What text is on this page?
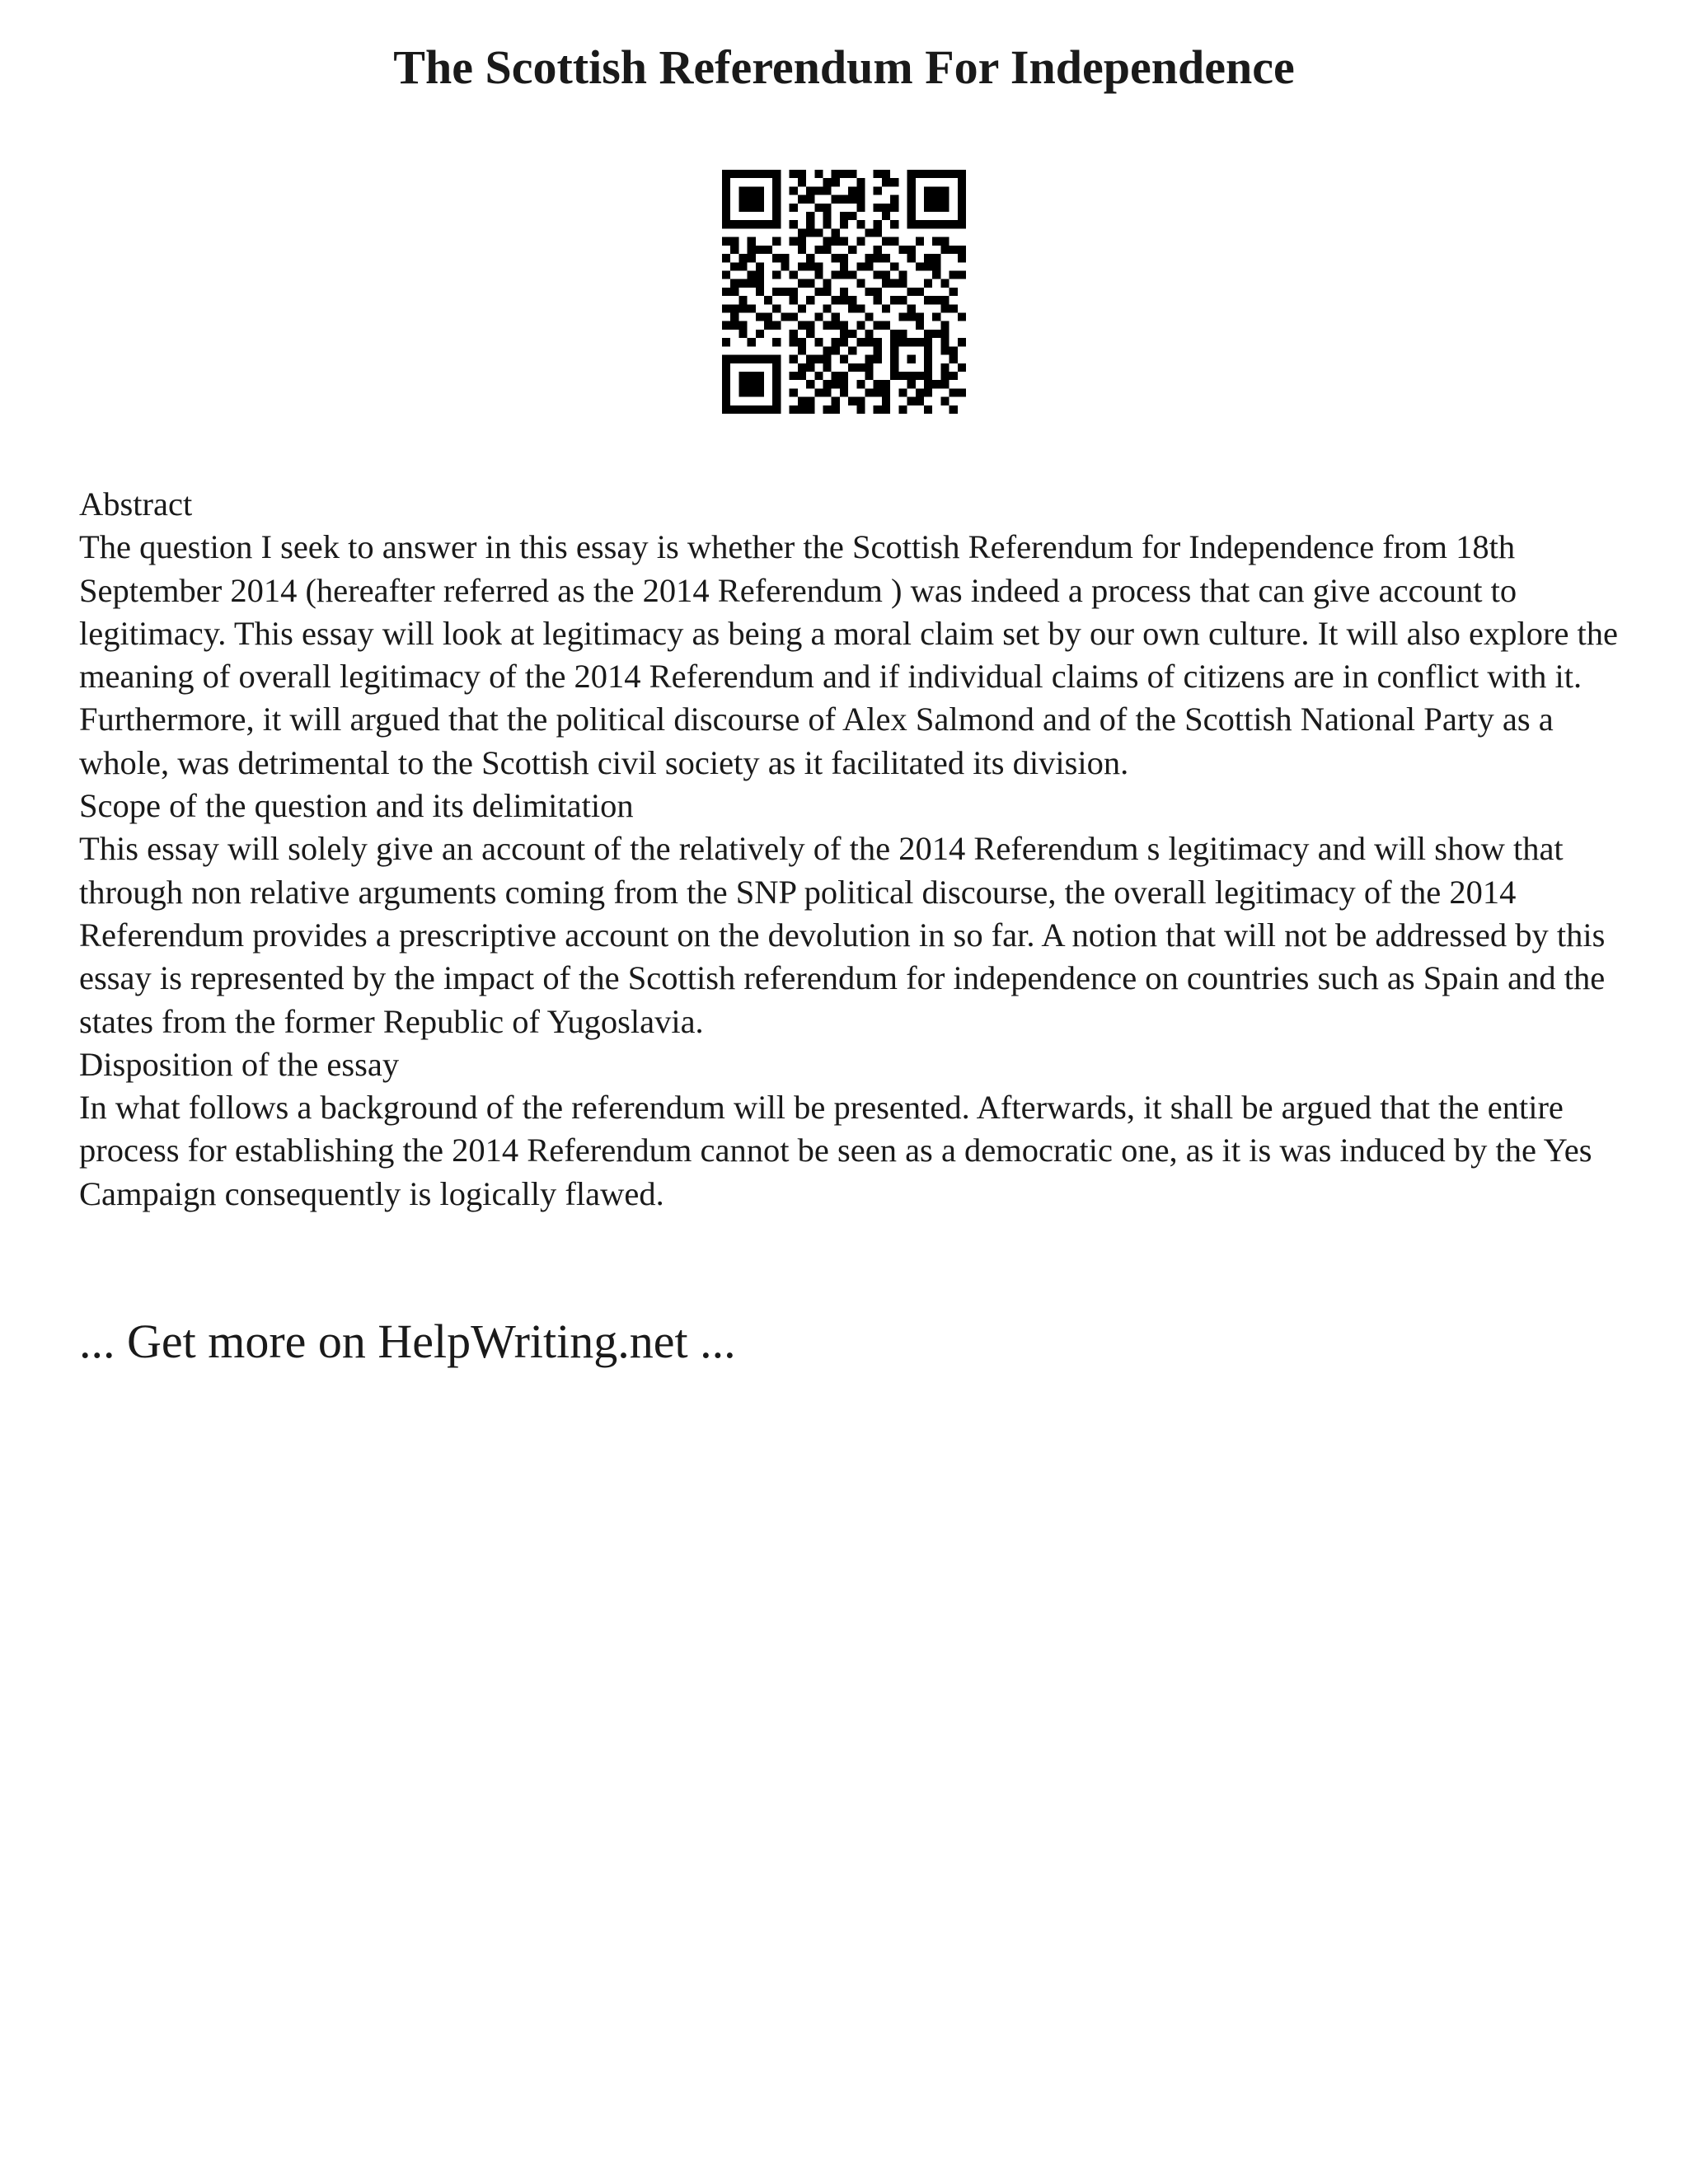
The Scottish Referendum For Independence

Abstract

The question I seek to answer in this essay is whether the Scottish Referendum for Independence from 18th September 2014 (hereafter referred as the 2014 Referendum ) was indeed a process that can give account to legitimacy. This essay will look at legitimacy as being a moral claim set by our own culture. It will also explore the meaning of overall legitimacy of the 2014 Referendum and if individual claims of citizens are in conflict with it. Furthermore, it will argued that the political discourse of Alex Salmond and of the Scottish National Party as a whole, was detrimental to the Scottish civil society as it facilitated its division.

Scope of the question and its delimitation

This essay will solely give an account of the relatively of the 2014 Referendum s legitimacy and will show that through non relative arguments coming from the SNP political discourse, the overall legitimacy of the 2014 Referendum provides a prescriptive account on the devolution in so far. A notion that will not be addressed by this essay is represented by the impact of the Scottish referendum for independence on countries such as Spain and the states from the former Republic of Yugoslavia.

Disposition of the essay

In what follows a background of the referendum will be presented. Afterwards, it shall be argued that the entire process for establishing the 2014 Referendum cannot be seen as a democratic one, as it is was induced by the Yes Campaign consequently is logically flawed.

... Get more on HelpWriting.net ...
